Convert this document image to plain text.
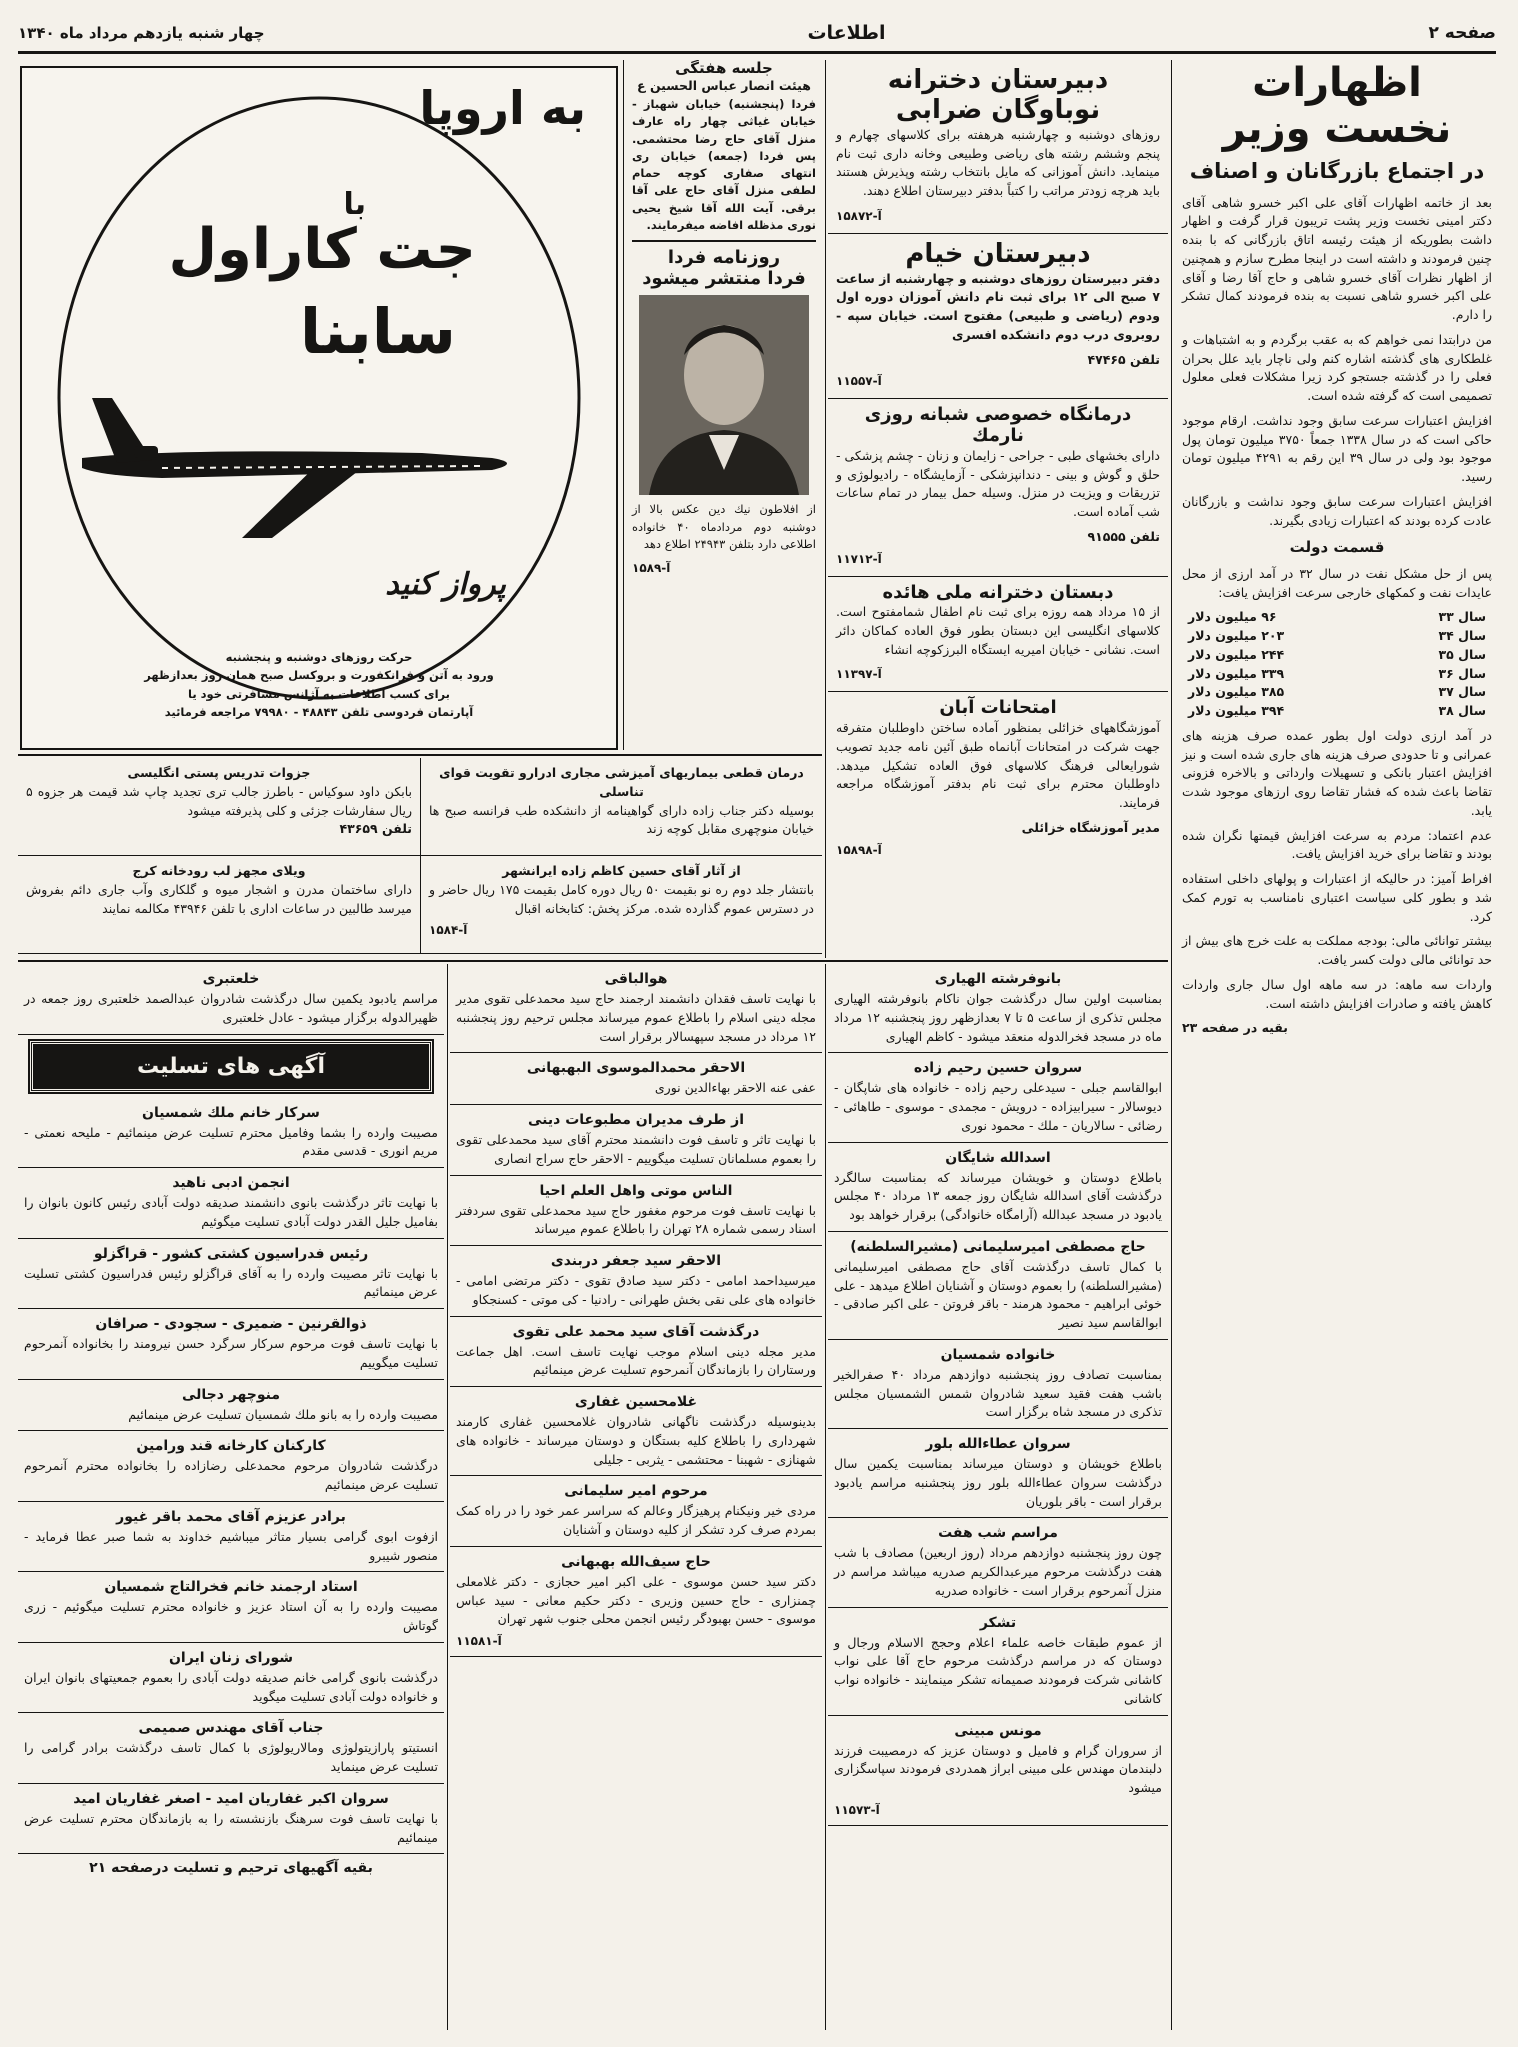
صفحه ۲
اطلاعات
چهار شنبه یازدهم مرداد ماه ۱۳۴۰
اظهارات نخست وزیر
در اجتماع بازرگانان و اصناف
بعد از خاتمه اظهارات آقای علی اکبر خسرو شاهی آقای دکتر امینی نخست وزیر پشت تریبون قرار گرفت و اظهار داشت بطوریکه از هیئت رئیسه اتاق بازرگانی که با بنده چنین فرمودند و داشته است در اینجا مطرح سازم و همچنین از اظهار نظرات آقای خسرو شاهی و حاج آقا رضا و آقای علی اکبر خسرو شاهی نسبت به بنده فرمودند کمال تشکر را دارم.
من درابتدا نمی خواهم که به عقب برگردم و به اشتباهات و غلطکاری های گذشته اشاره کنم ولی ناچار باید علل بحران فعلی را در گذشته جستجو کرد زیرا مشکلات فعلی معلول تصمیمی است که گرفته شده است.
افزایش اعتبارات سرعت سابق وجود نداشت. ارقام موجود حاکی است که در سال ۱۳۳۸ جمعاً ۳۷۵۰ میلیون تومان پول موجود بود ولی در سال ۳۹ این رقم به ۴۲۹۱ میلیون تومان رسید.
افزایش اعتبارات سرعت سابق وجود نداشت و بازرگانان عادت کرده بودند که اعتبارات زیادی بگیرند.
قسمت دولت
پس از حل مشکل نفت در سال ۳۲ در آمد ارزی از محل عایدات نفت و کمکهای خارجی سرعت افزایش یافت:
سال ۳۳
۹۶ میلیون دلار
سال ۳۴
۲۰۳ میلیون دلار
سال ۳۵
۲۴۴ میلیون دلار
سال ۳۶
۳۳۹ میلیون دلار
سال ۳۷
۳۸۵ میلیون دلار
سال ۳۸
۳۹۴ میلیون دلار
در آمد ارزی دولت اول بطور عمده صرف هزینه های عمرانی و تا حدودی صرف هزینه های جاری شده است و نیز افزایش اعتبار بانکی و تسهیلات وارداتی و بالاخره فزونی تقاضا باعث شده که فشار تقاضا روی ارزهای موجود شدت یابد.
عدم اعتماد: مردم به سرعت افزایش قیمتها نگران شده بودند و تقاضا برای خرید افزایش یافت.
افراط آمیز: در حالیکه از اعتبارات و پولهای داخلی استفاده شد و بطور کلی سیاست اعتباری نامناسب به تورم کمک کرد.
بیشتر توانائی مالی: بودجه مملکت به علت خرج های بیش از حد توانائی مالی دولت کسر یافت.
واردات سه ماهه: در سه ماهه اول سال جاری واردات کاهش یافته و صادرات افزایش داشته است.
بقیه در صفحه ۲۳
دبیرستان دخترانه
نوباوگان ضرابی
روزهای دوشنبه و چهارشنبه هرهفته برای کلاسهای چهارم و پنجم وششم رشته های ریاضی وطبیعی وخانه داری ثبت نام مینماید. دانش آموزانی که مایل بانتخاب رشته وپذیرش هستند باید هرچه زودتر مراتب را کتباً بدفتر دبیرستان اطلاع دهند.
آ-۱۵۸۷۲
دبیرستان خیام
دفتر دبیرستان روزهای دوشنبه و چهارشنبه از ساعت ۷ صبح الی ۱۲ برای ثبت نام دانش آموزان دوره اول ودوم (ریاضی و طبیعی) مفتوح است. خیابان سپه - روبروی درب دوم دانشکده افسری
تلفن ۴۷۴۶۵
آ-۱۱۵۵۷
درمانگاه خصوصی شبانه روزی نارمك
دارای بخشهای طبی - جراحی - زایمان و زنان - چشم پزشکی - حلق و گوش و بینی - دندانپزشکی - آزمایشگاه - رادیولوژی و تزریقات و ویزیت در منزل. وسیله حمل بیمار در تمام ساعات شب آماده است.
تلفن ۹۱۵۵۵
آ-۱۱۷۱۲
دبستان دخترانه ملی هائده
از ۱۵ مرداد همه روزه برای ثبت نام اطفال شمامفتوح است. کلاسهای انگلیسی این دبستان بطور فوق العاده کماکان دائر است. نشانی - خیابان امیریه ایستگاه البرزکوچه انشاء
آ-۱۱۳۹۷
امتحانات آبان
آموزشگاههای خزائلی بمنظور آماده ساختن داوطلبان متفرقه جهت شرکت در امتحانات آبانماه طبق آئین نامه جدید تصویب شورایعالی فرهنگ کلاسهای فوق العاده تشکیل میدهد. داوطلبان محترم برای ثبت نام بدفتر آموزشگاه مراجعه فرمایند.
مدیر آموزشگاه خزائلی
آ-۱۵۸۹۸
جلسه هفتگی
هیئت انصار عباس الحسین ع
فردا (پنجشنبه) خیابان شهباز - خیابان غیاثی چهار راه عارف منزل آقای حاج رضا محتشمی. پس فردا (جمعه) خیابان ری انتهای صفاری کوچه حمام لطفی منزل آقای حاج علی آقا برقی. آیت الله آقا شیخ یحیی نوری مذظله افاضه میفرمایند.
روزنامه فردا
فردا منتشر میشود
از افلاطون نیك دین عکس بالا از دوشنبه دوم مردادماه ۴۰ خانواده اطلاعی دارد بتلفن ۲۴۹۴۳ اطلاع دهد
آ-۱۵۸۹
به اروپا
با
جت کاراول
سابنا
پرواز کنید
حرکت روزهای دوشنبه و پنجشنبه
ورود به آتن و فرانکفورت و بروکسل صبح همان روز بعدازظهر
برای کسب اطلاعات به آژانس مسافرتی خود یا
آپارتمان فردوسی تلفن ۴۸۸۴۳ - ۷۹۹۸۰ مراجعه فرمائید
درمان قطعی بیماریهای آمیزشی مجاری ادرارو تقویت قوای تناسلی
بوسیله دکتر جناب زاده دارای گواهینامه از دانشکده طب فرانسه صبح ها خیابان منوچهری مقابل کوچه زند
جزوات تدریس پستی انگلیسی
بابکن داود سوکیاس - باطرز جالب تری تجدید چاپ شد قیمت هر جزوه ۵ ریال سفارشات جزئی و کلی پذیرفته میشود
تلفن ۴۳۶۵۹
از آثار آقای حسین کاظم زاده ایرانشهر
بانتشار جلد دوم ره نو بقیمت ۵۰ ریال دوره کامل بقیمت ۱۷۵ ریال حاضر و در دسترس عموم گذارده شده. مرکز پخش: کتابخانه اقبال
آ-۱۵۸۴
ویلای مجهز لب رودخانه کرج
دارای ساختمان مدرن و اشجار میوه و گلکاری وآب جاری دائم بفروش میرسد طالبین در ساعات اداری با تلفن ۴۳۹۴۶ مکالمه نمایند
بانوفرشته الهیاری
بمناسبت اولین سال درگذشت جوان ناکام بانوفرشته الهیاری مجلس تذکری از ساعت ۵ تا ۷ بعدازظهر روز پنجشنبه ۱۲ مرداد ماه در مسجد فخرالدوله منعقد میشود - کاظم الهیاری
سروان حسین رحیم زاده
ابوالقاسم جبلی - سیدعلی رحیم زاده - خانواده های شاپگان - دیوسالار - سیرابیزاده - درویش - مجمدی - موسوی - طاهائی - رضائی - سالاریان - ملك - محمود نوری
اسدالله شایگان
باطلاع دوستان و خویشان میرساند که بمناسبت سالگرد درگذشت آقای اسدالله شایگان روز جمعه ۱۳ مرداد ۴۰ مجلس یادبود در مسجد عبدالله (آرامگاه خانوادگی) برقرار خواهد بود
حاج مصطفی امیرسلیمانی (مشیرالسلطنه)
با کمال تاسف درگذشت آقای حاج مصطفی امیرسلیمانی (مشیرالسلطنه) را بعموم دوستان و آشنایان اطلاع میدهد - علی خوئی ابراهیم - محمود هرمند - باقر فروتن - علی اکبر صادقی - ابوالقاسم سید نصیر
خانواده شمسیان
بمناسبت تصادف روز پنجشنبه دوازدهم مرداد ۴۰ صفرالخیر باشب هفت فقید سعید شادروان شمس الشمسیان مجلس تذکری در مسجد شاه برگزار است
سروان عطاءالله بلور
باطلاع خویشان و دوستان میرساند بمناسبت یکمین سال درگذشت سروان عطاءالله بلور روز پنجشنبه مراسم یادبود برقرار است - باقر بلوریان
مراسم شب هفت
چون روز پنجشنبه دوازدهم مرداد (روز اربعین) مصادف با شب هفت درگذشت مرحوم میرعبدالکریم صدریه میباشد مراسم در منزل آنمرحوم برقرار است - خانواده صدریه
تشکر
از عموم طبقات خاصه علماء اعلام وحجج الاسلام ورجال و دوستان که در مراسم درگذشت مرحوم حاج آقا علی نواب کاشانی شرکت فرمودند صمیمانه تشکر مینمایند - خانواده نواب کاشانی
مونس مبینی
از سروران گرام و فامیل و دوستان عزیز که درمصیبت فرزند دلبندمان مهندس علی مبینی ابراز همدردی فرمودند سپاسگزاری میشود
آ-۱۱۵۷۳
هوالباقی
با نهایت تاسف فقدان دانشمند ارجمند حاج سید محمدعلی تقوی مدیر مجله دینی اسلام را باطلاع عموم میرساند مجلس ترحیم روز پنجشنبه ۱۲ مرداد در مسجد سپهسالار برقرار است
الاحقر محمدالموسوی البهبهانی
عفی عنه الاحقر بهاءالدین نوری
از طرف مدیران مطبوعات دینی
با نهایت تاثر و تاسف فوت دانشمند محترم آقای سید محمدعلی تقوی را بعموم مسلمانان تسلیت میگوییم - الاحقر حاج سراج انصاری
الناس موتی واهل العلم احیا
با نهایت تاسف فوت مرحوم مغفور حاج سید محمدعلی تقوی سردفتر اسناد رسمی شماره ۲۸ تهران را باطلاع عموم میرساند
الاحقر سید جعفر دربندی
میرسیداحمد امامی - دکتر سید صادق تقوی - دکتر مرتضی امامی - خانواده های علی نقی بخش طهرانی - رادنیا - کی موتی - کسنجکاو
درگذشت آقای سید محمد علی تقوی
مدیر مجله دینی اسلام موجب نهایت تاسف است. اهل جماعت ورستاران را بازماندگان آنمرحوم تسلیت عرض مینمائیم
غلامحسین غفاری
بدینوسیله درگذشت ناگهانی شادروان غلامحسین غفاری کارمند شهرداری را باطلاع کلیه بستگان و دوستان میرساند - خانواده های شهنازی - شهبنا - محتشمی - یثربی - جلیلی
مرحوم امیر سلیمانی
مردی خیر ونیکنام پرهیزگار وعالم که سراسر عمر خود را در راه کمک بمردم صرف کرد تشکر از کلیه دوستان و آشنایان
حاج سیف‌الله بهبهانی
دکتر سید حسن موسوی - علی اکبر امیر حجازی - دکتر غلامعلی چمنزاری - حاج حسین وزیری - دکتر حکیم معانی - سید عباس موسوی - حسن بهبودگر رئیس انجمن محلی جنوب شهر تهران
آ-۱۱۵۸۱
خلعتبری
مراسم یادبود یکمین سال درگذشت شادروان عبدالصمد خلعتبری روز جمعه در ظهیرالدوله برگزار میشود - عادل خلعتبری
آگهی های تسلیت
سرکار خانم ملك شمسیان
مصیبت وارده را بشما وفامیل محترم تسلیت عرض مینمائیم - ملیحه نعمتی - مریم انوری - قدسی مقدم
انجمن ادبی ناهید
با نهایت تاثر درگذشت بانوی دانشمند صدیقه دولت آبادی رئیس کانون بانوان را بفامیل جلیل القدر دولت آبادی تسلیت میگوئیم
رئیس فدراسیون کشتی کشور - قراگزلو
با نهایت تاثر مصیبت وارده را به آقای قراگزلو رئیس فدراسیون کشتی تسلیت عرض مینمائیم
ذوالقرنین - ضمیری - سجودی - صرافان
با نهایت تاسف فوت مرحوم سرکار سرگرد حسن نیرومند را بخانواده آنمرحوم تسلیت میگوییم
منوچهر دجالی
مصیبت وارده را به بانو ملك شمسیان تسلیت عرض مینمائیم
کارکنان کارخانه قند ورامین
درگذشت شادروان مرحوم محمدعلی رضازاده را بخانواده محترم آنمرحوم تسلیت عرض مینمائیم
برادر عزیزم آقای محمد باقر غیور
ازفوت ابوی گرامی بسیار متاثر میباشیم خداوند به شما صبر عطا فرماید - منصور شیبرو
استاد ارجمند خانم فخرالتاج شمسیان
مصیبت وارده را به آن استاد عزیز و خانواده محترم تسلیت میگوئیم - زری گوتاش
شورای زنان ایران
درگذشت بانوی گرامی خانم صدیقه دولت آبادی را بعموم جمعیتهای بانوان ایران و خانواده دولت آبادی تسلیت میگوید
جناب آقای مهندس صمیمی
انستیتو پارازیتولوژی ومالاریولوژی با کمال تاسف درگذشت برادر گرامی را تسلیت عرض مینماید
سروان اکبر غفاریان امید - اصغر غفاریان امید
با نهایت تاسف فوت سرهنگ بازنشسته را به بازماندگان محترم تسلیت عرض مینمائیم
بقیه آگهیهای ترحیم و تسلیت درصفحه ۲۱
